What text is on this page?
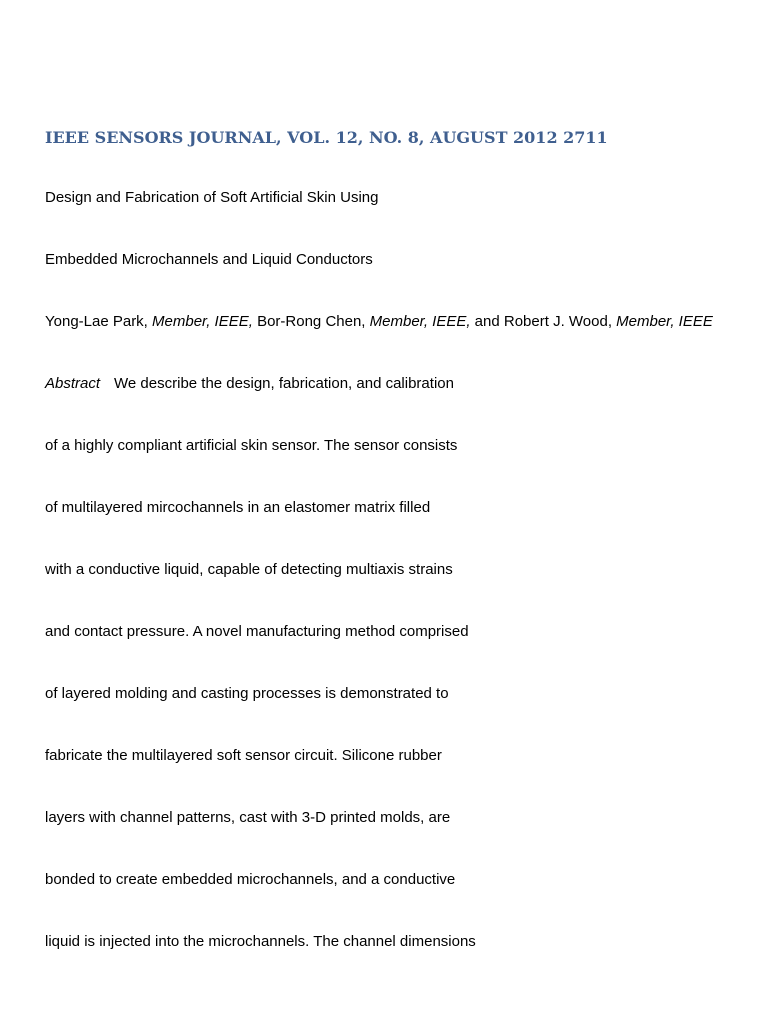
IEEE SENSORS JOURNAL, VOL. 12, NO. 8, AUGUST 2012 2711
Design and Fabrication of Soft Artificial Skin Using
Embedded Microchannels and Liquid Conductors
Yong-Lae Park, Member, IEEE, Bor-Rong Chen, Member, IEEE, and Robert J. Wood, Member, IEEE
Abstract We describe the design, fabrication, and calibration
of a highly compliant artificial skin sensor. The sensor consists
of multilayered mircochannels in an elastomer matrix filled
with a conductive liquid, capable of detecting multiaxis strains
and contact pressure. A novel manufacturing method comprised
of layered molding and casting processes is demonstrated to
fabricate the multilayered soft sensor circuit. Silicone rubber
layers with channel patterns, cast with 3-D printed molds, are
bonded to create embedded microchannels, and a conductive
liquid is injected into the microchannels. The channel dimensions
